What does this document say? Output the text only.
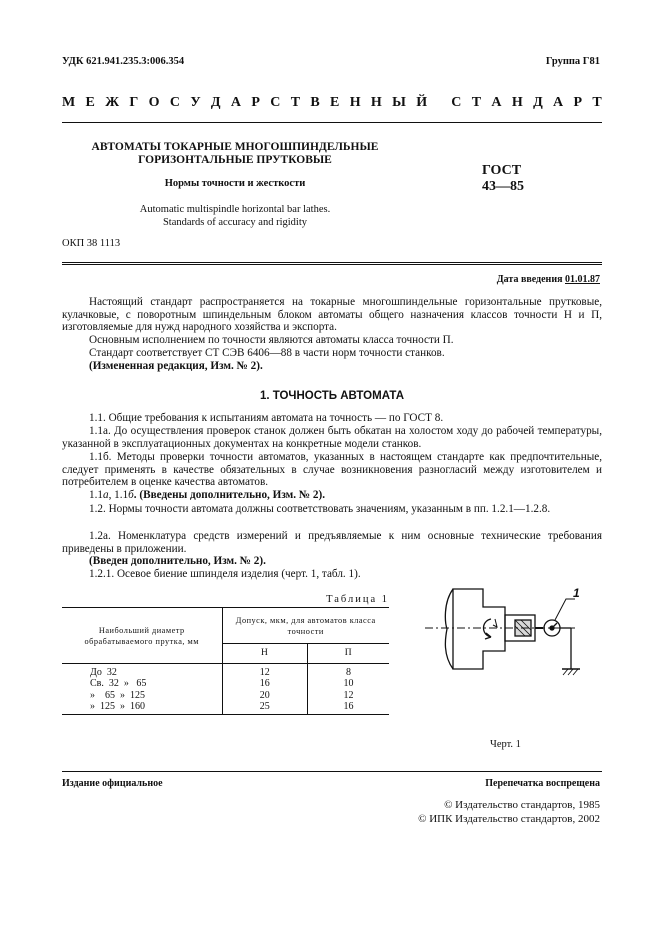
УДК 621.941.235.3:006.354	Группа Г81
М Е Ж Г О С У Д А Р С Т В Е Н Н Ы Й
С Т А Н Д А Р Т
АВТОМАТЫ ТОКАРНЫЕ МНОГОШПИНДЕЛЬНЫЕ
ГОРИЗОНТАЛЬНЫЕ ПРУТКОВЫЕ
Нормы точности и жесткости
Automatic multispindle horizontal bar lathes.
Standards of accuracy and rigidity
ГОСТ
43—85
ОКП 38 1113
Дата введения 01.01.87
Настоящий стандарт распространяется на токарные многошпиндельные горизонтальные прутковые, кулачковые, с поворотным шпиндельным блоком автоматы общего назначения классов точности Н и П, изготовляемые для нужд народного хозяйства и экспорта.
Основным исполнением по точности являются автоматы класса точности П.
Стандарт соответствует СТ СЭВ 6406—88 в части норм точности станков.
(Измененная редакция, Изм. № 2).
1. ТОЧНОСТЬ АВТОМАТА
1.1. Общие требования к испытаниям автомата на точность — по ГОСТ 8.
1.1а. До осуществления проверок станок должен быть обкатан на холостом ходу до рабочей температуры, указанной в эксплуатационных документах на конкретные модели станков.
1.1б. Методы проверки точности автоматов, указанных в настоящем стандарте как предпочтительные, следует применять в качестве обязательных в случае возникновения разногласий между изготовителем и потребителем в оценке качества автоматов.
1.1а, 1.1б. (Введены дополнительно, Изм. № 2).
1.2. Нормы точности автомата должны соответствовать значениям, указанным в пп. 1.2.1—1.2.8.
1.2а. Номенклатура средств измерений и предъявляемые к ним основные технические требования приведены в приложении.
(Введен дополнительно, Изм. № 2).
1.2.1. Осевое биение шпинделя изделия (черт. 1, табл. 1).
Таблица 1
Наибольший диаметр обрабатываемого прутка, мм	Допуск, мкм, для автоматов класса точности	
	Н	П
До  32	12	8
Св.  32  »   65	16	10
»    65  »  125	20	12
»  125  »  160	25	16
1
Черт. 1
Издание официальное	Перепечатка воспрещена
© Издательство стандартов, 1985
© ИПК Издательство стандартов, 2002
